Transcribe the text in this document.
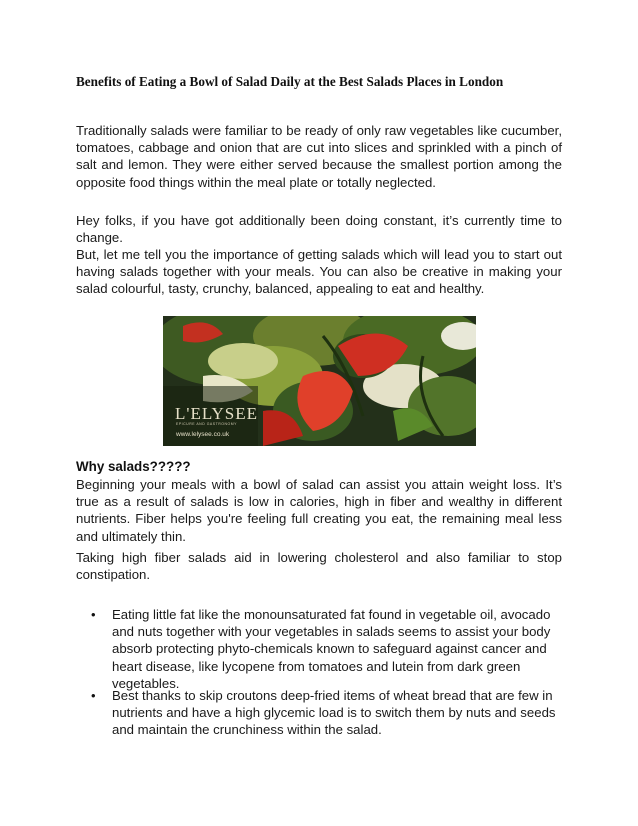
Benefits of Eating a Bowl of Salad Daily at the Best Salads Places in London

Traditionally salads were familiar to be ready of only raw vegetables like cucumber, tomatoes, cabbage and onion that are cut into slices and sprinkled with a pinch of salt and lemon. They were either served because the smallest portion among the opposite food things within the meal plate or totally neglected.

Hey folks, if you have got additionally been doing constant, it’s currently time to change.

But, let me tell you the importance of getting salads which will lead you to start out having salads together with your meals. You can also be creative in making your salad colourful, tasty, crunchy, balanced, appealing to eat and healthy.

L'ELYSEE
EPICURE AND GASTRONOMY
www.lelysee.co.uk
Why salads?????

Beginning your meals with a bowl of salad can assist you attain weight loss. It’s true as a result of salads is low in calories, high in fiber and wealthy in different nutrients. Fiber helps you're feeling full creating you eat, the remaining meal less and ultimately thin.

Taking high fiber salads aid in lowering cholesterol and also familiar to stop constipation.

• Eating little fat like the monounsaturated fat found in vegetable oil, avocado and nuts together with your vegetables in salads seems to assist your body absorb protecting phyto-chemicals known to safeguard against cancer and heart disease, like lycopene from tomatoes and lutein from dark green vegetables.
• Best thanks to skip croutons deep-fried items of wheat bread that are few in nutrients and have a high glycemic load is to switch them by nuts and seeds and maintain the crunchiness within the salad.
